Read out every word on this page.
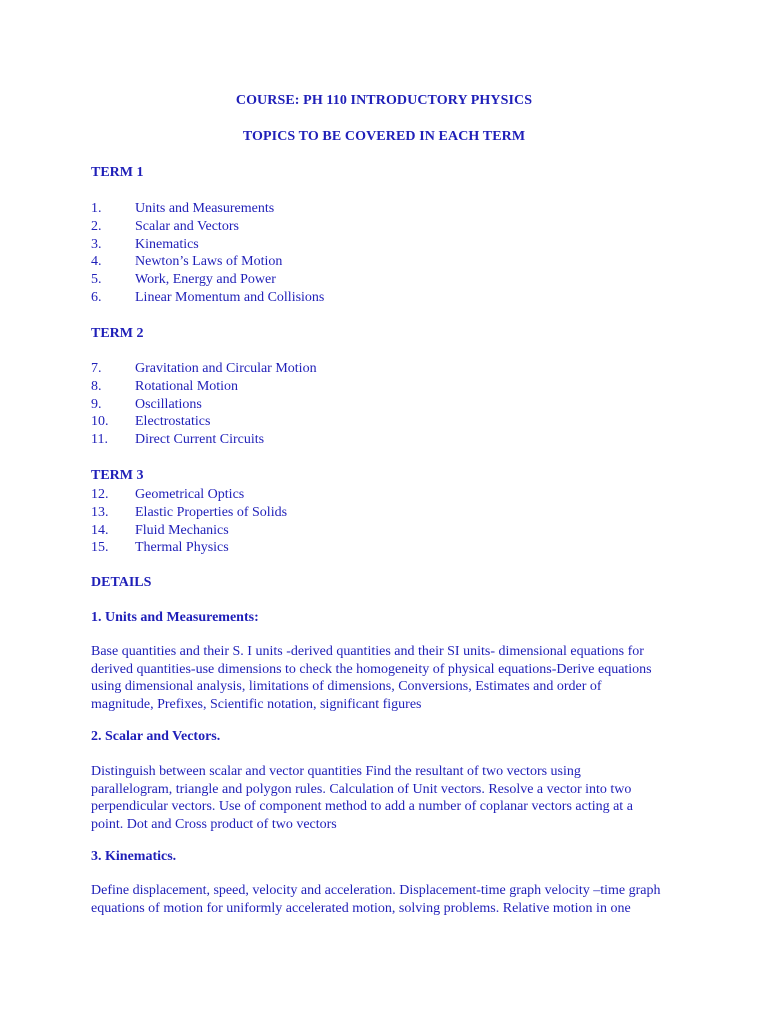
COURSE: PH 110 INTRODUCTORY PHYSICS
TOPICS TO BE COVERED IN EACH TERM
TERM 1
1. Units and Measurements
2. Scalar and Vectors
3. Kinematics
4. Newton’s Laws of Motion
5. Work, Energy and Power
6. Linear Momentum and Collisions
TERM 2
7. Gravitation and Circular Motion
8. Rotational Motion
9. Oscillations
10. Electrostatics
11. Direct Current Circuits
TERM 3
12. Geometrical Optics
13. Elastic Properties of Solids
14. Fluid Mechanics
15. Thermal Physics
DETAILS
1. Units and Measurements:
Base quantities and their S. I units -derived quantities and their SI units- dimensional equations for
derived quantities-use dimensions to check the homogeneity of physical equations-Derive equations
using dimensional analysis, limitations of dimensions, Conversions, Estimates and order of
magnitude, Prefixes, Scientific notation, significant figures
2. Scalar and Vectors.
Distinguish between scalar and vector quantities Find the resultant of two vectors using
parallelogram, triangle and polygon rules. Calculation of Unit vectors. Resolve a vector into two
perpendicular vectors. Use of component method to add a number of coplanar vectors acting at a
point. Dot and Cross product of two vectors
3. Kinematics.
Define displacement, speed, velocity and acceleration. Displacement-time graph velocity –time graph
equations of motion for uniformly accelerated motion, solving problems. Relative motion in one
